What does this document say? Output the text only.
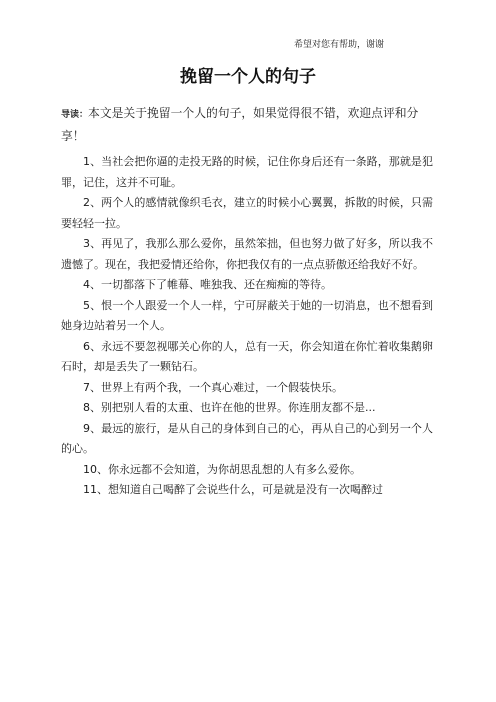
希望对您有帮助，谢谢
挽留一个人的句子
导读：本文是关于挽留一个人的句子，如果觉得很不错，欢迎点评和分享！

1、当社会把你逼的走投无路的时候，记住你身后还有一条路，那就是犯罪，记住，这并不可耻。

2、两个人的感情就像织毛衣，建立的时候小心翼翼，拆散的时候，只需要轻轻一拉。

3、再见了，我那么那么爱你，虽然笨拙，但也努力做了好多，所以我不遗憾了。现在，我把爱情还给你，你把我仅有的一点点骄傲还给我好不好。

4、一切都落下了帷幕、唯独我、还在痴痴的等待。

5、恨一个人跟爱一个人一样，宁可屏蔽关于她的一切消息，也不想看到她身边站着另一个人。

6、永远不要忽视哪关心你的人，总有一天，你会知道在你忙着收集鹅卵石时，却是丢失了一颗钻石。

7、世界上有两个我，一个真心难过，一个假装快乐。

8、别把别人看的太重、也许在他的世界。你连朋友都不是...

9、最远的旅行，是从自己的身体到自己的心，再从自己的心到另一个人的心。

10、你永远都不会知道，为你胡思乱想的人有多么爱你。

11、想知道自己喝醉了会说些什么，可是就是没有一次喝醉过
